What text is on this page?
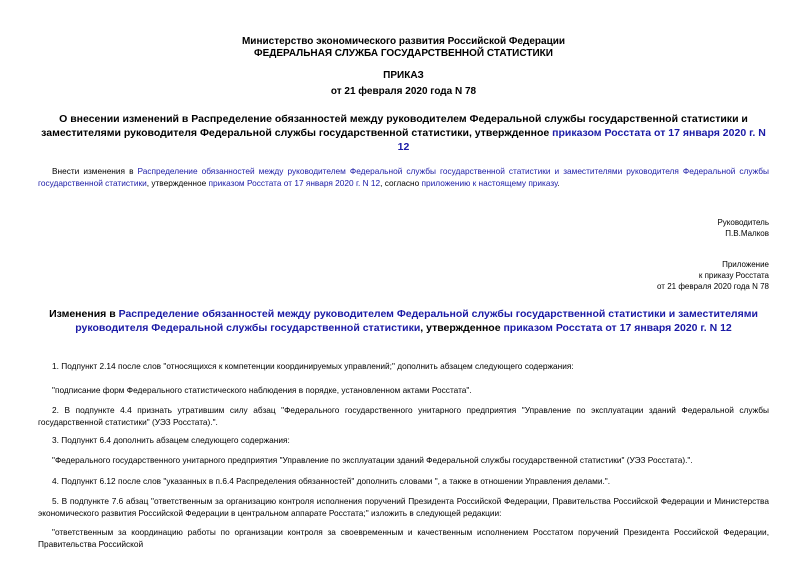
Министерство экономического развития Российской Федерации
ФЕДЕРАЛЬНАЯ СЛУЖБА ГОСУДАРСТВЕННОЙ СТАТИСТИКИ
ПРИКАЗ
от 21 февраля 2020 года N 78
О внесении изменений в Распределение обязанностей между руководителем Федеральной службы государственной статистики и заместителями руководителя Федеральной службы государственной статистики, утвержденное приказом Росстата от 17 января 2020 г. N 12
Внести изменения в Распределение обязанностей между руководителем Федеральной службы государственной статистики и заместителями руководителя Федеральной службы государственной статистики, утвержденное приказом Росстата от 17 января 2020 г. N 12, согласно приложению к настоящему приказу.
Руководитель
П.В.Малков
Приложение
к приказу Росстата
от 21 февраля 2020 года N 78
Изменения в Распределение обязанностей между руководителем Федеральной службы государственной статистики и заместителями руководителя Федеральной службы государственной статистики, утвержденное приказом Росстата от 17 января 2020 г. N 12
1. Подпункт 2.14 после слов "относящихся к компетенции координируемых управлений;" дополнить абзацем следующего содержания:
"подписание форм Федерального статистического наблюдения в порядке, установленном актами Росстата".
2. В подпункте 4.4 признать утратившим силу абзац "Федерального государственного унитарного предприятия "Управление по эксплуатации зданий Федеральной службы государственной статистики" (УЭЗ Росстата).".
3. Подпункт 6.4 дополнить абзацем следующего содержания:
"Федерального государственного унитарного предприятия "Управление по эксплуатации зданий Федеральной службы государственной статистики" (УЭЗ Росстата).".
4. Подпункт 6.12 после слов "указанных в п.6.4 Распределения обязанностей" дополнить словами ", а также в отношении Управления делами.".
5. В подпункте 7.6 абзац "ответственным за организацию контроля исполнения поручений Президента Российской Федерации, Правительства Российской Федерации и Министерства экономического развития Российской Федерации в центральном аппарате Росстата;" изложить в следующей редакции:
"ответственным за координацию работы по организации контроля за своевременным и качественным исполнением Росстатом поручений Президента Российской Федерации, Правительства Российской
